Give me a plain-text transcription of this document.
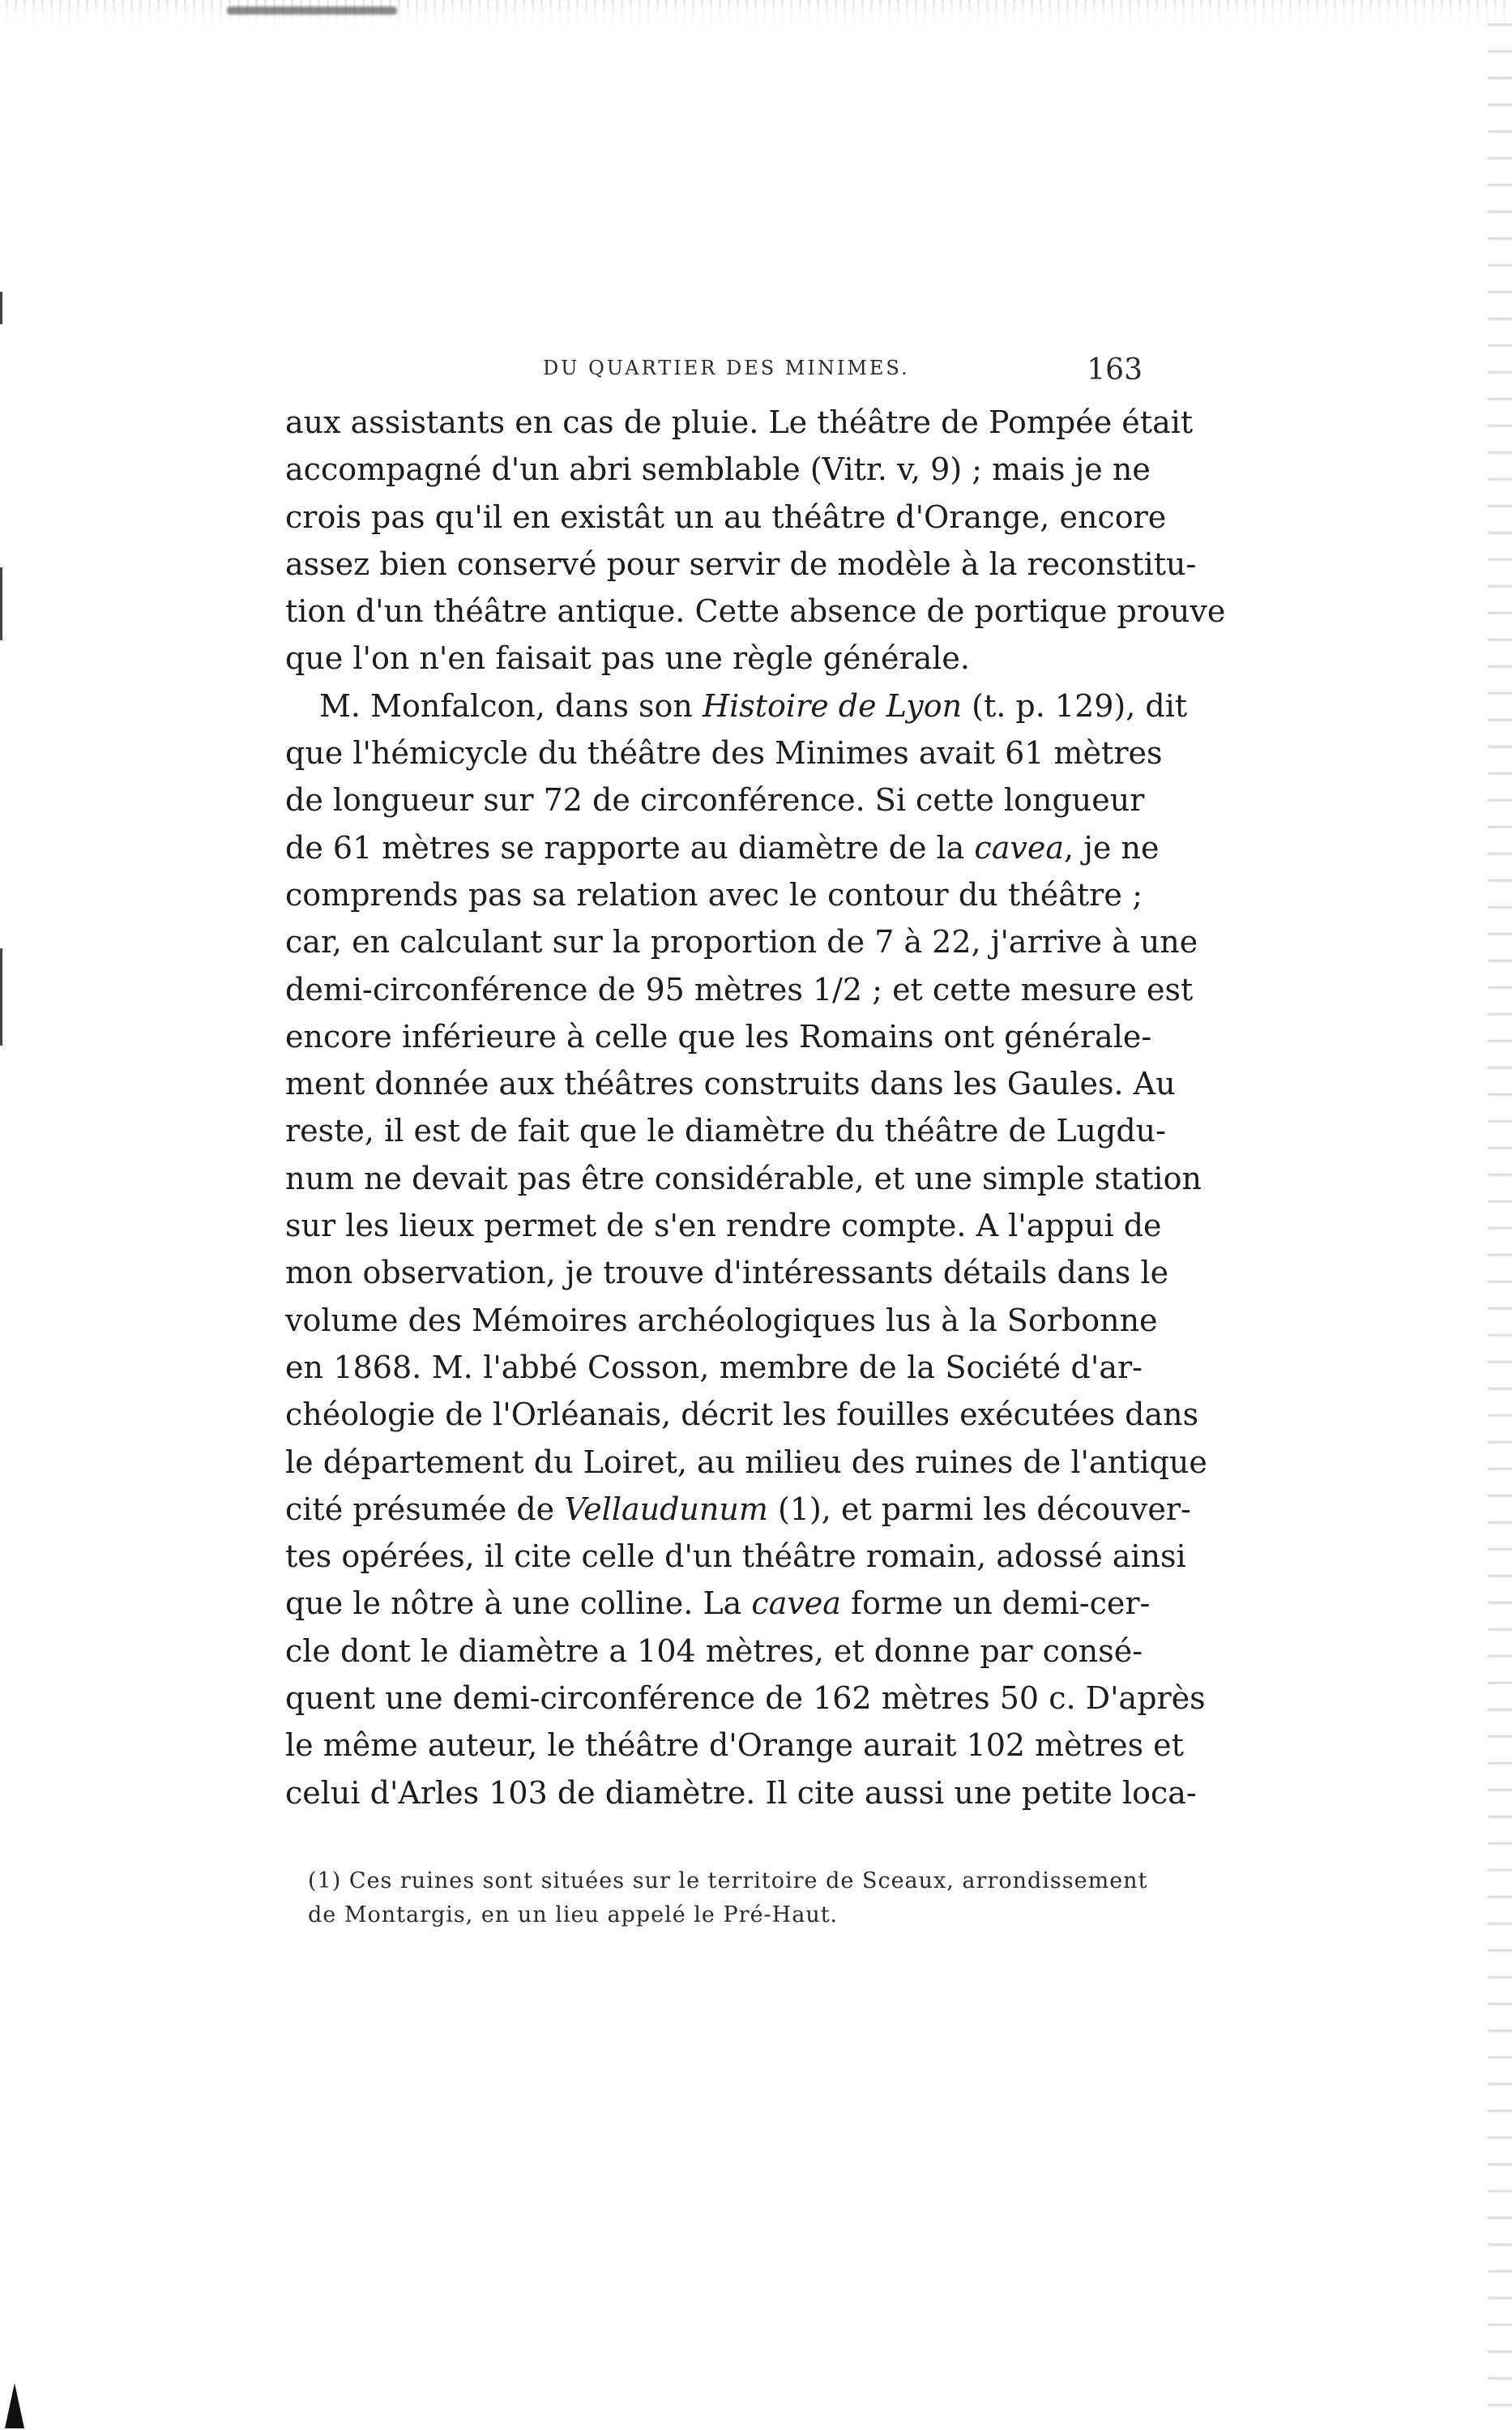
DU QUARTIER DES MINIMES.	163
aux assistants en cas de pluie. Le théâtre de Pompée était
accompagné d'un abri semblable (Vitr. v, 9) ; mais je ne
crois pas qu'il en existât un au théâtre d'Orange, encore
assez bien conservé pour servir de modèle à la reconstitu-
tion d'un théâtre antique. Cette absence de portique prouve
que l'on n'en faisait pas une règle générale.
M. Monfalcon, dans son Histoire de Lyon (t. p. 129), dit
que l'hémicycle du théâtre des Minimes avait 61 mètres
de longueur sur 72 de circonférence. Si cette longueur
de 61 mètres se rapporte au diamètre de la cavea, je ne
comprends pas sa relation avec le contour du théâtre ;
car, en calculant sur la proportion de 7 à 22, j'arrive à une
demi-circonférence de 95 mètres 1/2 ; et cette mesure est
encore inférieure à celle que les Romains ont générale-
ment donnée aux théâtres construits dans les Gaules. Au
reste, il est de fait que le diamètre du théâtre de Lugdu-
num ne devait pas être considérable, et une simple station
sur les lieux permet de s'en rendre compte. A l'appui de
mon observation, je trouve d'intéressants détails dans le
volume des Mémoires archéologiques lus à la Sorbonne
en 1868. M. l'abbé Cosson, membre de la Société d'ar-
chéologie de l'Orléanais, décrit les fouilles exécutées dans
le département du Loiret, au milieu des ruines de l'antique
cité présumée de Vellaudunum (1), et parmi les découver-
tes opérées, il cite celle d'un théâtre romain, adossé ainsi
que le nôtre à une colline. La cavea forme un demi-cer-
cle dont le diamètre a 104 mètres, et donne par consé-
quent une demi-circonférence de 162 mètres 50 c. D'après
le même auteur, le théâtre d'Orange aurait 102 mètres et
celui d'Arles 103 de diamètre. Il cite aussi une petite loca-
(1) Ces ruines sont situées sur le territoire de Sceaux, arrondissement
de Montargis, en un lieu appelé le Pré-Haut.
